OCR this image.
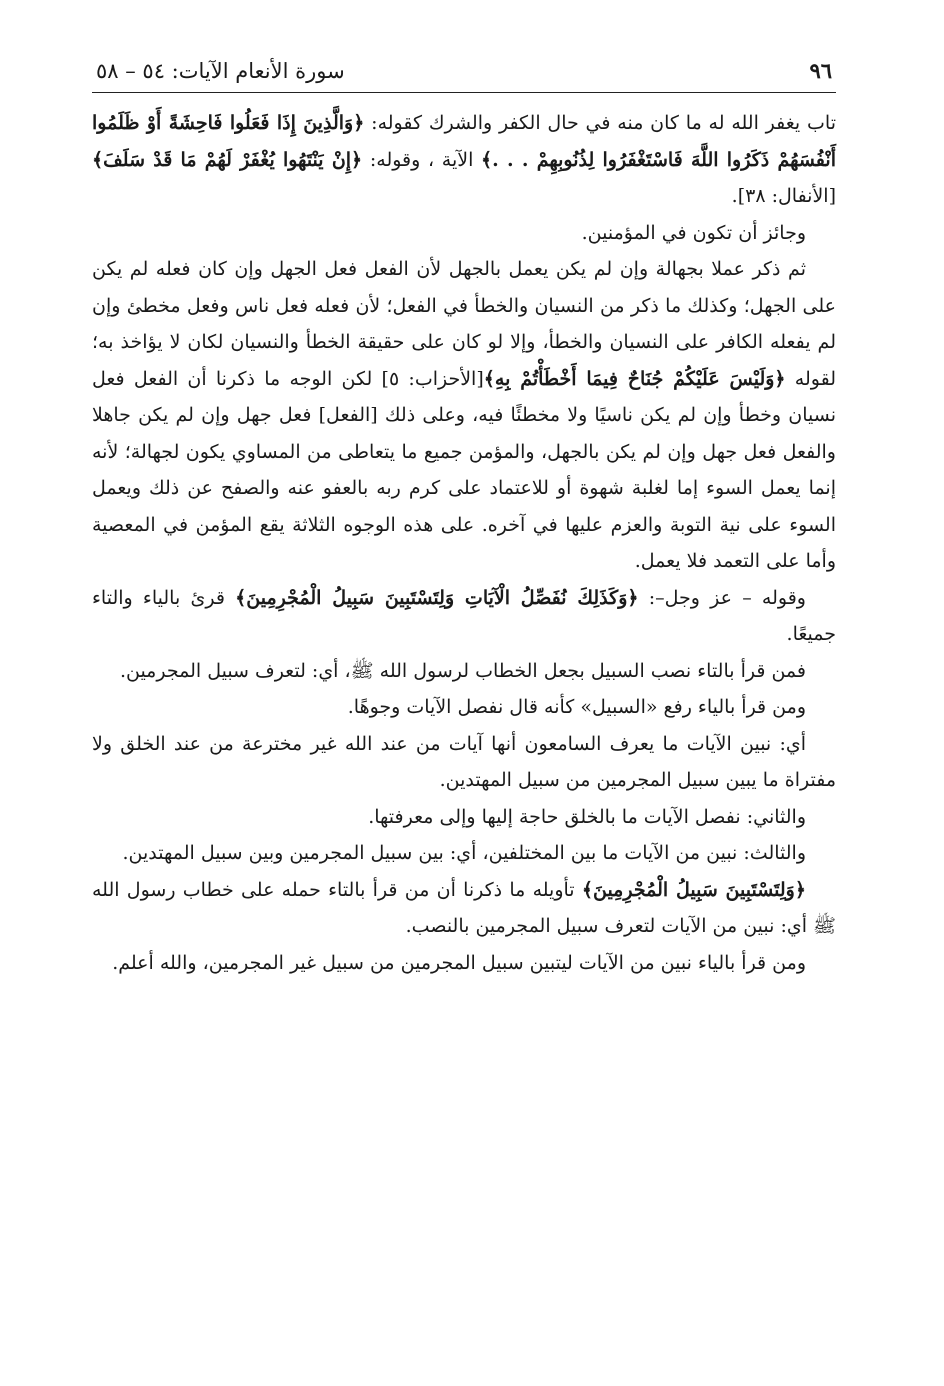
٩٦
سورة الأنعام الآيات: ٥٤ – ٥٨

تاب يغفر الله له ما كان منه في حال الكفر والشرك كقوله: ﴿وَالَّذِينَ إِذَا فَعَلُوا فَاحِشَةً أَوْ ظَلَمُوا أَنْفُسَهُمْ ذَكَرُوا اللَّهَ فَاسْتَغْفَرُوا لِذُنُوبِهِمْ . . .﴾ الآية ، وقوله: ﴿إِنْ يَنْتَهُوا يُغْفَرْ لَهُمْ مَا قَدْ سَلَفَ﴾[الأنفال: ٣٨].

وجائز أن تكون في المؤمنين.

ثم ذكر عملا بجهالة وإن لم يكن يعمل بالجهل لأن الفعل فعل الجهل وإن كان فعله لم يكن على الجهل؛ وكذلك ما ذكر من النسيان والخطأ في الفعل؛ لأن فعله فعل ناس وفعل مخطئ وإن لم يفعله الكافر على النسيان والخطأ، وإلا لو كان على حقيقة الخطأ والنسيان لكان لا يؤاخذ به؛ لقوله ﴿وَلَيْسَ عَلَيْكُمْ جُنَاحٌ فِيمَا أَخْطَأْتُمْ بِهِ﴾[الأحزاب: ٥] لكن الوجه ما ذكرنا أن الفعل فعل نسيان وخطأ وإن لم يكن ناسيًا ولا مخطئًا فيه، وعلى ذلك [الفعل] فعل جهل وإن لم يكن جاهلا والفعل فعل جهل وإن لم يكن بالجهل، والمؤمن جميع ما يتعاطى من المساوي يكون لجهالة؛ لأنه إنما يعمل السوء إما لغلبة شهوة أو للاعتماد على كرم ربه بالعفو عنه والصفح عن ذلك ويعمل السوء على نية التوبة والعزم عليها في آخره. على هذه الوجوه الثلاثة يقع المؤمن في المعصية وأما على التعمد فلا يعمل.

وقوله – عز وجل–: ﴿وَكَذَلِكَ نُفَصِّلُ الْآيَاتِ وَلِتَسْتَبِينَ سَبِيلُ الْمُجْرِمِينَ﴾ قرئ بالياء والتاء جميعًا.

فمن قرأ بالتاء نصب السبيل بجعل الخطاب لرسول الله ﷺ، أي: لتعرف سبيل المجرمين.

ومن قرأ بالياء رفع «السبيل» كأنه قال نفصل الآيات وجوهًا.

أي: نبين الآيات ما يعرف السامعون أنها آيات من عند الله غير مخترعة من عند الخلق ولا مفتراة ما يبين سبيل المجرمين من سبيل المهتدين.

والثاني: نفصل الآيات ما بالخلق حاجة إليها وإلى معرفتها.

والثالث: نبين من الآيات ما بين المختلفين، أي: بين سبيل المجرمين وبين سبيل المهتدين.

﴿وَلِتَسْتَبِينَ سَبِيلُ الْمُجْرِمِينَ﴾ تأويله ما ذكرنا أن من قرأ بالتاء حمله على خطاب رسول الله ﷺ أي: نبين من الآيات لتعرف سبيل المجرمين بالنصب.

ومن قرأ بالياء نبين من الآيات ليتبين سبيل المجرمين من سبيل غير المجرمين، والله أعلم.
